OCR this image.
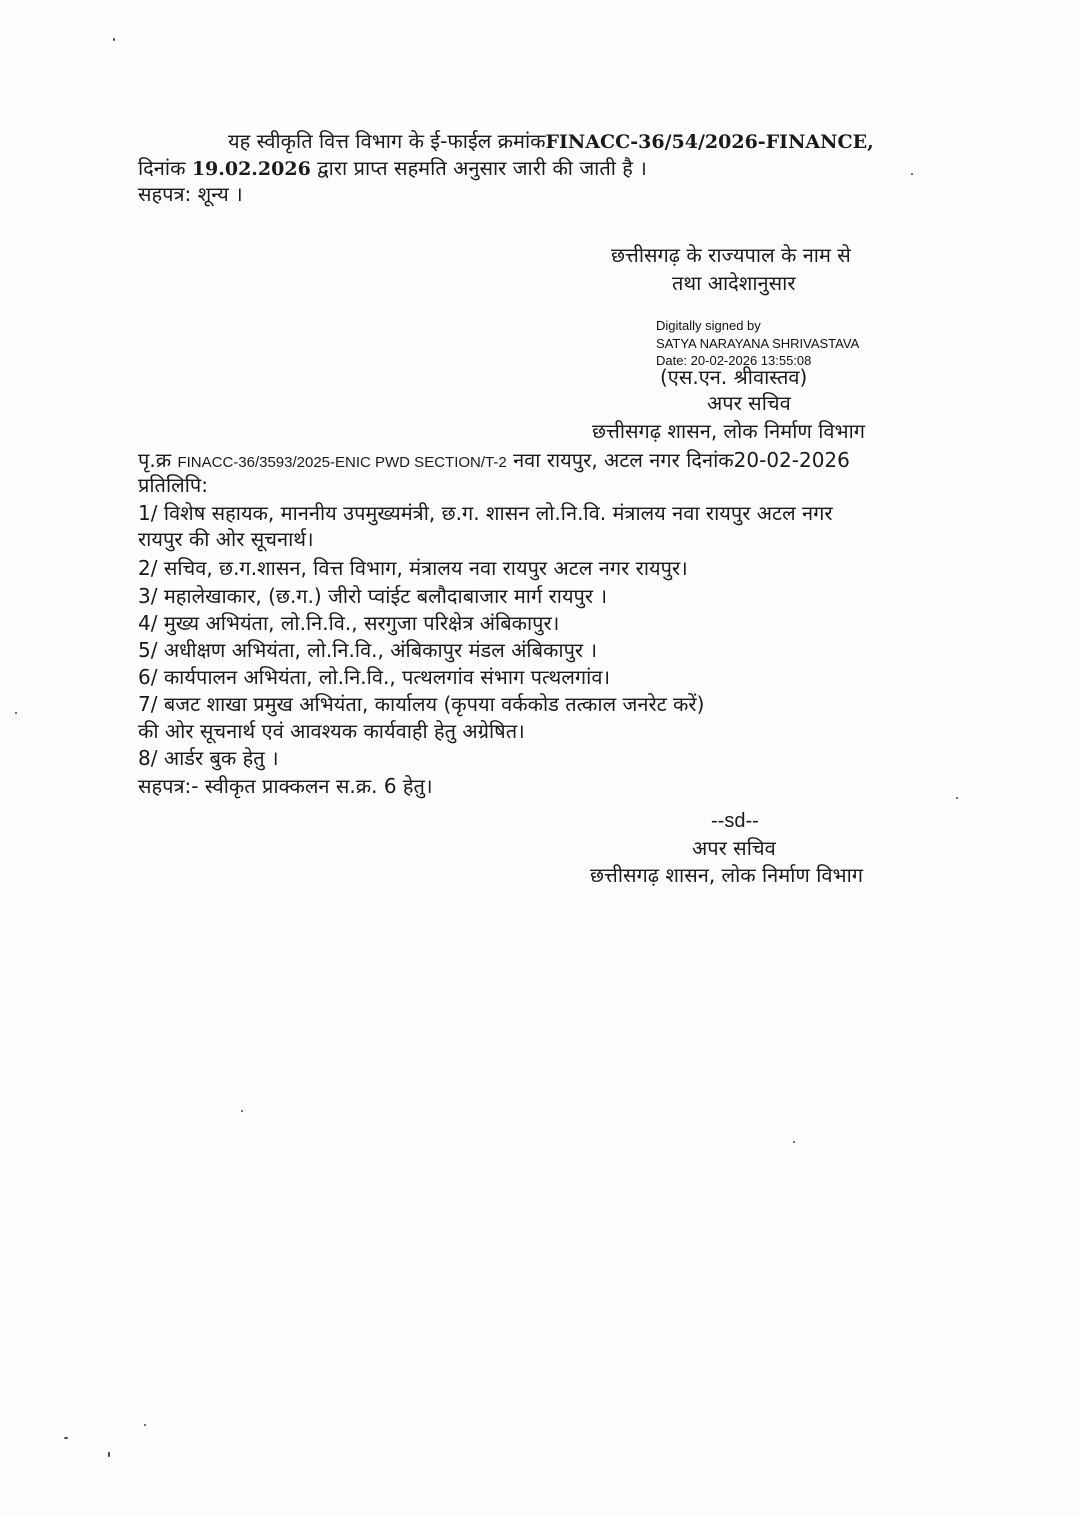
यह स्वीकृति वित्त विभाग के ई-फाईल क्रमांकFINACC-36/54/2026-FINANCE,
दिनांक 19.02.2026 द्वारा प्राप्त सहमति अनुसार जारी की जाती है ।
सहपत्र: शून्य ।
छत्तीसगढ़ के राज्यपाल के नाम से
तथा आदेशानुसार
Digitally signed by
SATYA NARAYANA SHRIVASTAVA
Date: 20-02-2026 13:55:08
(एस.एन. श्रीवास्तव)
अपर सचिव
छत्तीसगढ़ शासन, लोक निर्माण विभाग
पृ.क्र FINACC-36/3593/2025-ENIC PWD SECTION/T-2 नवा रायपुर, अटल नगर दिनांक20-02-2026
प्रतिलिपि:
1/ विशेष सहायक, माननीय उपमुख्यमंत्री, छ.ग. शासन लो.नि.वि. मंत्रालय नवा रायपुर अटल नगर
रायपुर की ओर सूचनार्थ।
2/ सचिव, छ.ग.शासन, वित्त विभाग, मंत्रालय नवा रायपुर अटल नगर रायपुर।
3/ महालेखाकार, (छ.ग.) जीरो प्वांईट बलौदाबाजार मार्ग रायपुर ।
4/ मुख्य अभियंता, लो.नि.वि., सरगुजा परिक्षेत्र अंबिकापुर।
5/ अधीक्षण अभियंता, लो.नि.वि., अंबिकापुर मंडल अंबिकापुर ।
6/ कार्यपालन अभियंता, लो.नि.वि., पत्थलगांव संभाग पत्थलगांव।
7/ बजट शाखा प्रमुख अभियंता, कार्यालय (कृपया वर्ककोड तत्काल जनरेट करें)
की ओर सूचनार्थ एवं आवश्यक कार्यवाही हेतु अग्रेषित।
8/ आर्डर बुक हेतु ।
सहपत्र:- स्वीकृत प्राक्कलन स.क्र. 6 हेतु।
--sd--
अपर सचिव
छत्तीसगढ़ शासन, लोक निर्माण विभाग
